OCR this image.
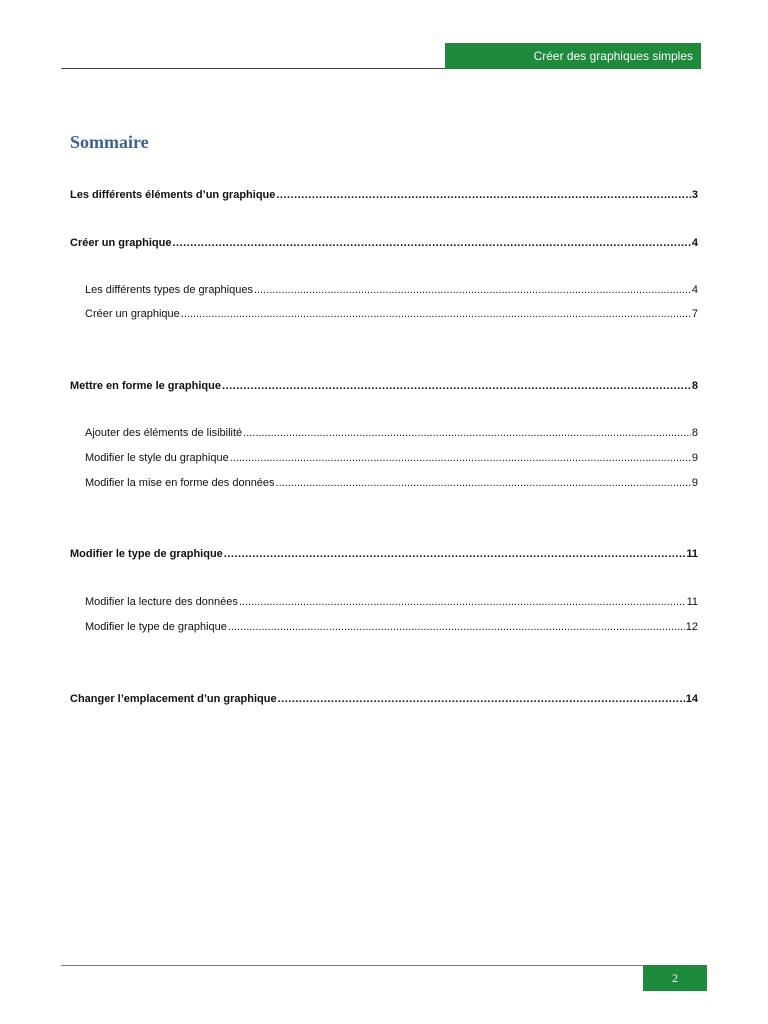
Créer des graphiques simples
Sommaire
Les différents éléments d’un graphique .....	3
Créer un graphique .....	4
Les différents types de graphiques .....	4
Créer un graphique .....	7
Mettre en forme le graphique .....	8
Ajouter des éléments de lisibilité .....	8
Modifier le style du graphique .....	9
Modifier la mise en forme des données .....	9
Modifier le type de graphique .....	11
Modifier la lecture des données .....	11
Modifier le type de graphique .....	12
Changer l’emplacement d’un graphique .....	14
2
